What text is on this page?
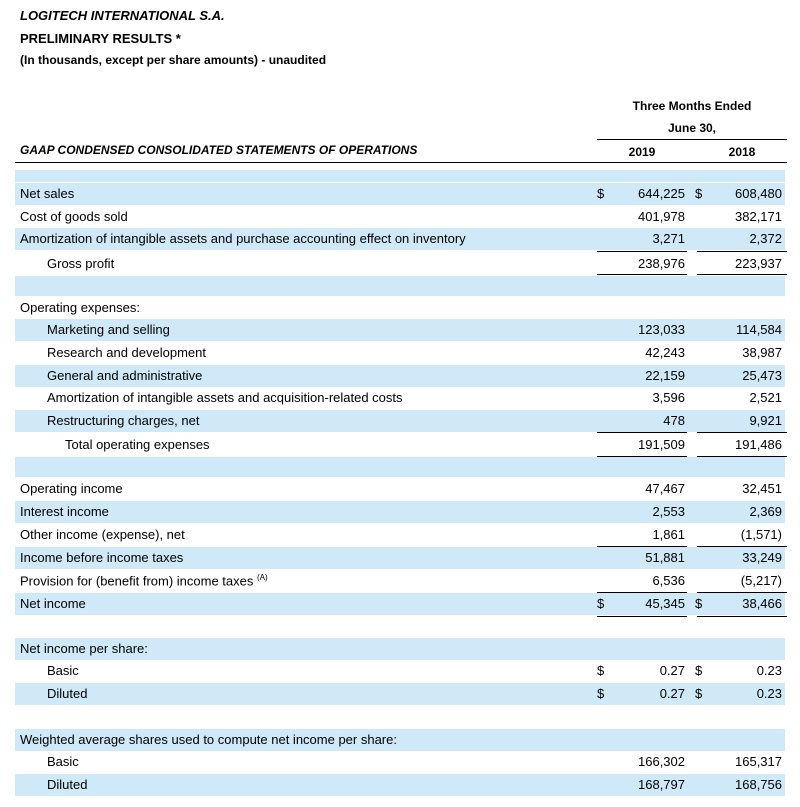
LOGITECH INTERNATIONAL S.A.
PRELIMINARY RESULTS *
(In thousands, except per share amounts) - unaudited
Three Months Ended
June 30,
2019	2018
GAAP CONDENSED CONSOLIDATED STATEMENTS OF OPERATIONS
Net sales	$	644,225 $	608,480
Cost of goods sold	401,978	382,171
Amortization of intangible assets and purchase accounting effect on inventory	3,271	2,372
Gross profit	238,976	223,937
Operating expenses:
Marketing and selling	123,033	114,584
Research and development	42,243	38,987
General and administrative	22,159	25,473
Amortization of intangible assets and acquisition-related costs	3,596	2,521
Restructuring charges, net	478	9,921
Total operating expenses	191,509	191,486
Operating income	47,467	32,451
Interest income	2,553	2,369
Other income (expense), net	1,861	(1,571)
Income before income taxes	51,881	33,249
Provision for (benefit from) income taxes $^{(A)}$	6,536	(5,217)
Net income	$	45,345 $	38,466
Net income per share:
Basic	$	0.27 $	0.23
Diluted	$	0.27 $	0.23
Weighted average shares used to compute net income per share:
Basic	166,302	165,317
Diluted	168,797	168,756
